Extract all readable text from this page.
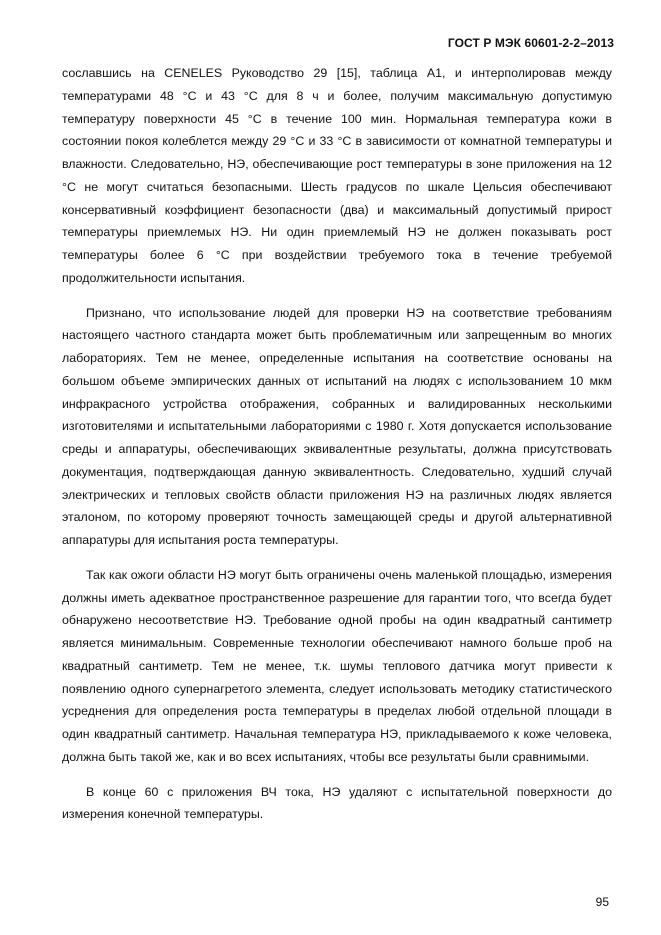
ГОСТ Р МЭК 60601-2-2–2013

сославшись на CENELES Руководство 29 [15], таблица А1, и интерполировав между температурами 48 °С и 43 °С для 8 ч и более, получим максимальную допустимую температуру поверхности 45 °С в течение 100 мин. Нормальная температура кожи в состоянии покоя колеблется между 29 °С и 33 °С в зависимости от комнатной температуры и влажности. Следовательно, НЭ, обеспечивающие рост температуры в зоне приложения на 12 °С не могут считаться безопасными. Шесть градусов по шкале Цельсия обеспечивают консервативный коэффициент безопасности (два) и максимальный допустимый прирост температуры приемлемых НЭ. Ни один приемлемый НЭ не должен показывать рост температуры более 6 °С при воздействии требуемого тока в течение требуемой продолжительности испытания.

Признано, что использование людей для проверки НЭ на соответствие требованиям настоящего частного стандарта может быть проблематичным или запрещенным во многих лабораториях. Тем не менее, определенные испытания на соответствие основаны на большом объеме эмпирических данных от испытаний на людях с использованием 10 мкм инфракрасного устройства отображения, собранных и валидированных несколькими изготовителями и испытательными лабораториями с 1980 г. Хотя допускается использование среды и аппаратуры, обеспечивающих эквивалентные результаты, должна присутствовать документация, подтверждающая данную эквивалентность. Следовательно, худший случай электрических и тепловых свойств области приложения НЭ на различных людях является эталоном, по которому проверяют точность замещающей среды и другой альтернативной аппаратуры для испытания роста температуры.

Так как ожоги области НЭ могут быть ограничены очень маленькой площадью, измерения должны иметь адекватное пространственное разрешение для гарантии того, что всегда будет обнаружено несоответствие НЭ. Требование одной пробы на один квадратный сантиметр является минимальным. Современные технологии обеспечивают намного больше проб на квадратный сантиметр. Тем не менее, т.к. шумы теплового датчика могут привести к появлению одного супернагретого элемента, следует использовать методику статистического усреднения для определения роста температуры в пределах любой отдельной площади в один квадратный сантиметр. Начальная температура НЭ, прикладываемого к коже человека, должна быть такой же, как и во всех испытаниях, чтобы все результаты были сравнимыми.

В конце 60 с приложения ВЧ тока, НЭ удаляют с испытательной поверхности до измерения конечной температуры.

95
